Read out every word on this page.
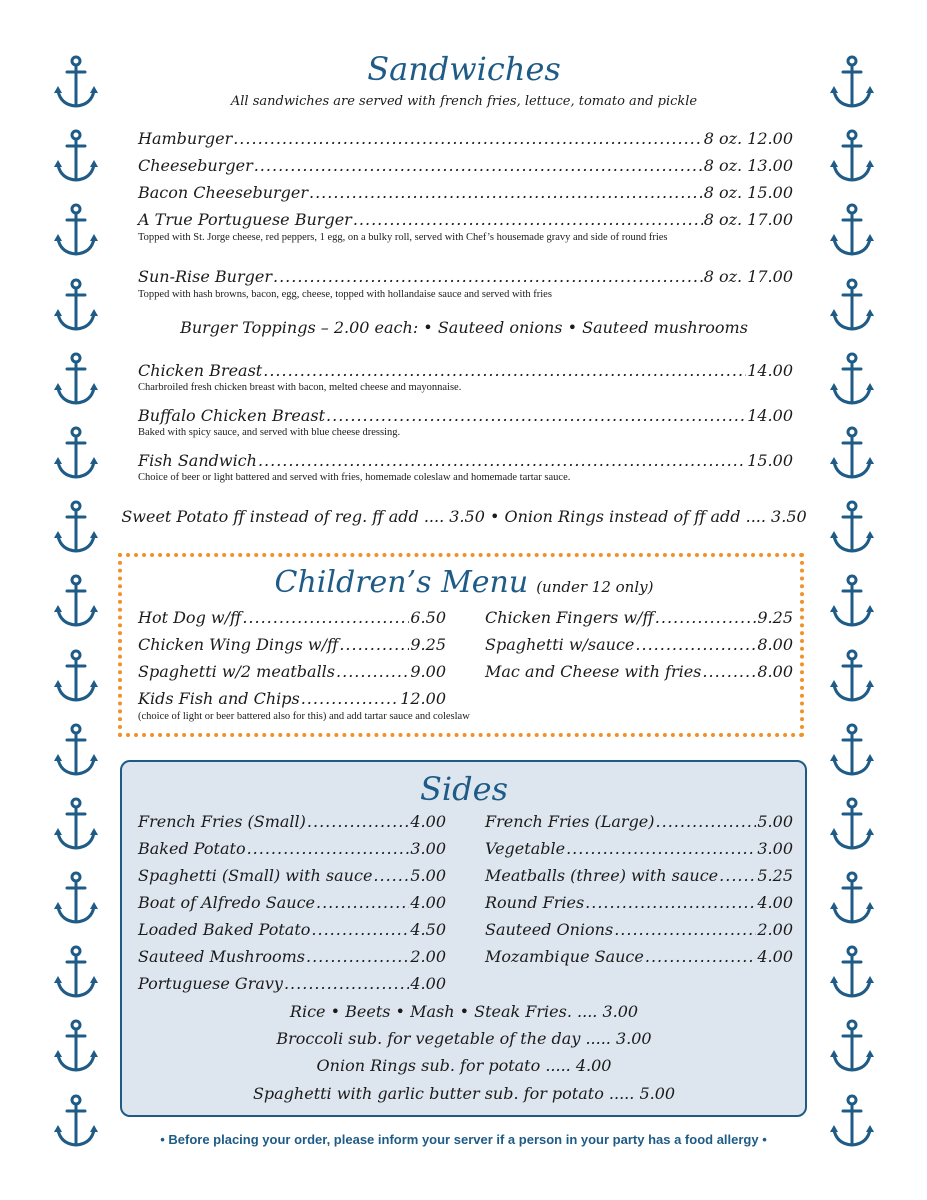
Sandwiches
All sandwiches are served with french fries, lettuce, tomato and pickle
Hamburger .....	8 oz. 12.00
Cheeseburger .....	8 oz. 13.00
Bacon Cheeseburger .....	8 oz. 15.00
A True Portuguese Burger .....	8 oz. 17.00
Topped with St. Jorge cheese, red peppers, 1 egg, on a bulky roll, served with Chef’s housemade gravy and side of round fries
Sun-Rise Burger .....	8 oz. 17.00
Topped with hash browns, bacon, egg, cheese, topped with hollandaise sauce and served with fries
Burger Toppings – 2.00 each: • Sauteed onions • Sauteed mushrooms
Chicken Breast .....	14.00
Charbroiled fresh chicken breast with bacon, melted cheese and mayonnaise.
Buffalo Chicken Breast .....	14.00
Baked with spicy sauce, and served with blue cheese dressing.
Fish Sandwich .....	15.00
Choice of beer or light battered and served with fries, homemade coleslaw and homemade tartar sauce.
Sweet Potato ff instead of reg. ff add .... 3.50 • Onion Rings instead of ff add .... 3.50
Children’s Menu (under 12 only)
Hot Dog w/ff .....	6.50
Chicken Wing Dings w/ff .....	9.25
Spaghetti w/2 meatballs .....	9.00
Kids Fish and Chips .....	12.00
(choice of light or beer battered also for this) and add tartar sauce and coleslaw
Chicken Fingers w/ff .....	9.25
Spaghetti w/sauce .....	8.00
Mac and Cheese with fries .....	8.00
Sides
French Fries (Small) .....	4.00
Baked Potato .....	3.00
Spaghetti (Small) with sauce ..... 5.00
Boat of Alfredo Sauce .....	4.00
Loaded Baked Potato .....	4.50
Sauteed Mushrooms .....	2.00
Portuguese Gravy .....	4.00
French Fries (Large) .....	5.00
Vegetable .....	3.00
Meatballs (three) with sauce ..... 5.25
Round Fries .....	4.00
Sauteed Onions .....	2.00
Mozambique Sauce .....	4.00
Rice • Beets • Mash • Steak Fries. .... 3.00
Broccoli sub. for vegetable of the day ..... 3.00
Onion Rings sub. for potato ..... 4.00
Spaghetti with garlic butter sub. for potato ..... 5.00
• Before placing your order, please inform your server if a person in your party has a food allergy •
